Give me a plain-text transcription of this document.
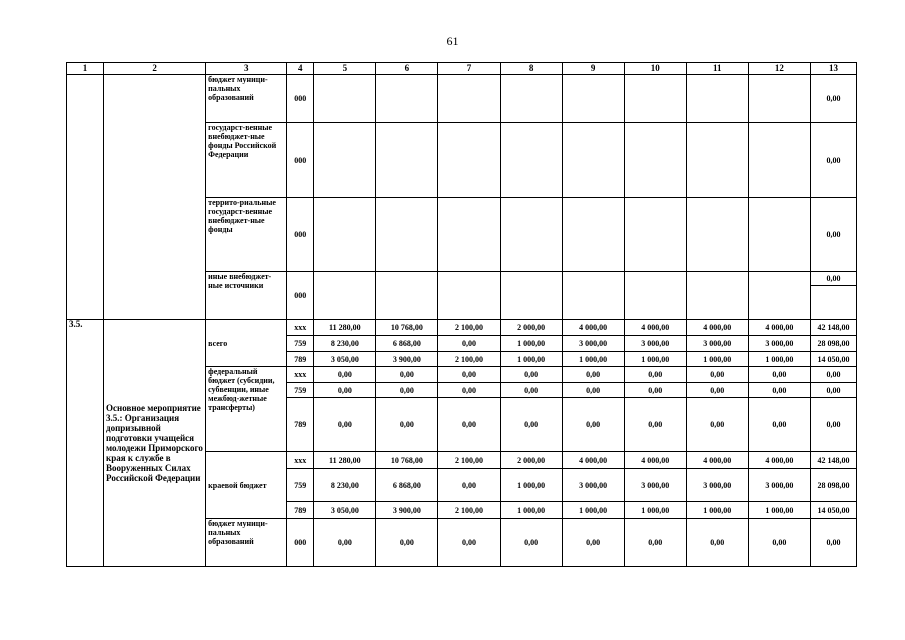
61
1	2	3	4	5	6	7	8	9	10	11	12	13
		бюджет муници-пальных образований	000									0,00
		государст-венные внебюджет-ные фонды Российской Федерации	000									0,00
		террито-риальные государст-венные внебюджет-ные фонды	000									0,00
		иные внебюджет-ные источники	000									0,00

3.5.	Основное мероприятие 3.5.: Организация допризывной подготовки учащейся молодежи Приморского края к службе в Вооруженных Силах Российской Федерации	всего	xxx	11 280,00	10 768,00	2 100,00	2 000,00	4 000,00	4 000,00	4 000,00	4 000,00	42 148,00
			759	8 230,00	6 868,00	0,00	1 000,00	3 000,00	3 000,00	3 000,00	3 000,00	28 098,00
			789	3 050,00	3 900,00	2 100,00	1 000,00	1 000,00	1 000,00	1 000,00	1 000,00	14 050,00
		федеральный бюджет (субсидии, субвенции, иные межбюд-жетные трансферты)	xxx	0,00	0,00	0,00	0,00	0,00	0,00	0,00	0,00	0,00
			759	0,00	0,00	0,00	0,00	0,00	0,00	0,00	0,00	0,00
			789	0,00	0,00	0,00	0,00	0,00	0,00	0,00	0,00	0,00
		краевой бюджет	xxx	11 280,00	10 768,00	2 100,00	2 000,00	4 000,00	4 000,00	4 000,00	4 000,00	42 148,00
			759	8 230,00	6 868,00	0,00	1 000,00	3 000,00	3 000,00	3 000,00	3 000,00	28 098,00
			789	3 050,00	3 900,00	2 100,00	1 000,00	1 000,00	1 000,00	1 000,00	1 000,00	14 050,00
		бюджет муници-пальных образований	000	0,00	0,00	0,00	0,00	0,00	0,00	0,00	0,00	0,00
